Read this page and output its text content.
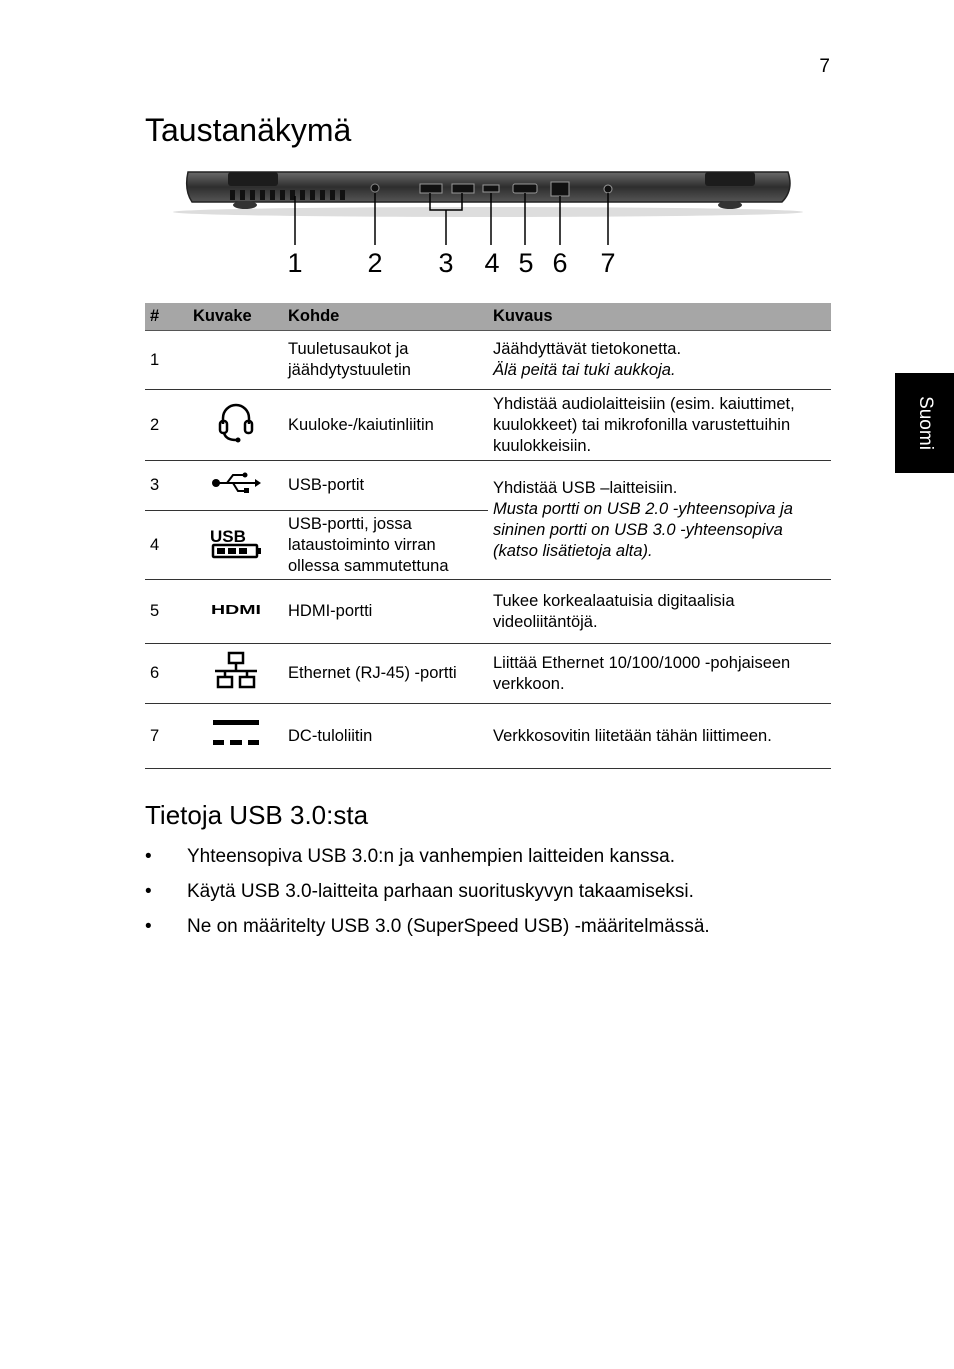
7
Taustanäkymä
Suomi
1 2 3 4 5 6 7
#	Kuvake	Kohde	Kuvaus
1		Tuuletusaukot ja jäähdytystuuletin	Jäähdyttävät tietokonetta.
Älä peitä tai tuki aukkoja.

2		Kuuloke-/kaiutinliitin	Yhdistää audiolaitteisiin (esim. kaiuttimet, kuulokkeet) tai mikrofonilla varustettuihin kuulokkeisiin.

3		USB-portit	Yhdistää USB –laitteisiin.
Musta portti on USB 2.0 -yhteensopiva ja sininen portti on USB 3.0 -yhteensopiva (katso lisätietoja alta).

4	USB	USB-portti, jossa lataustoiminto virran ollessa sammutettuna	
5	HDMI	HDMI-portti	Tukee korkealaatuisia digitaalisia videoliitäntöjä.

6		Ethernet (RJ-45) -portti	Liittää Ethernet 10/100/1000 -pohjaiseen verkkoon.

7		DC-tuloliitin	Verkkosovitin liitetään tähän liittimeen.
Tietoja USB 3.0:sta
• Yhteensopiva USB 3.0:n ja vanhempien laitteiden kanssa.
• Käytä USB 3.0-laitteita parhaan suorituskyvyn takaamiseksi.
• Ne on määritelty USB 3.0 (SuperSpeed USB) -määritelmässä.
